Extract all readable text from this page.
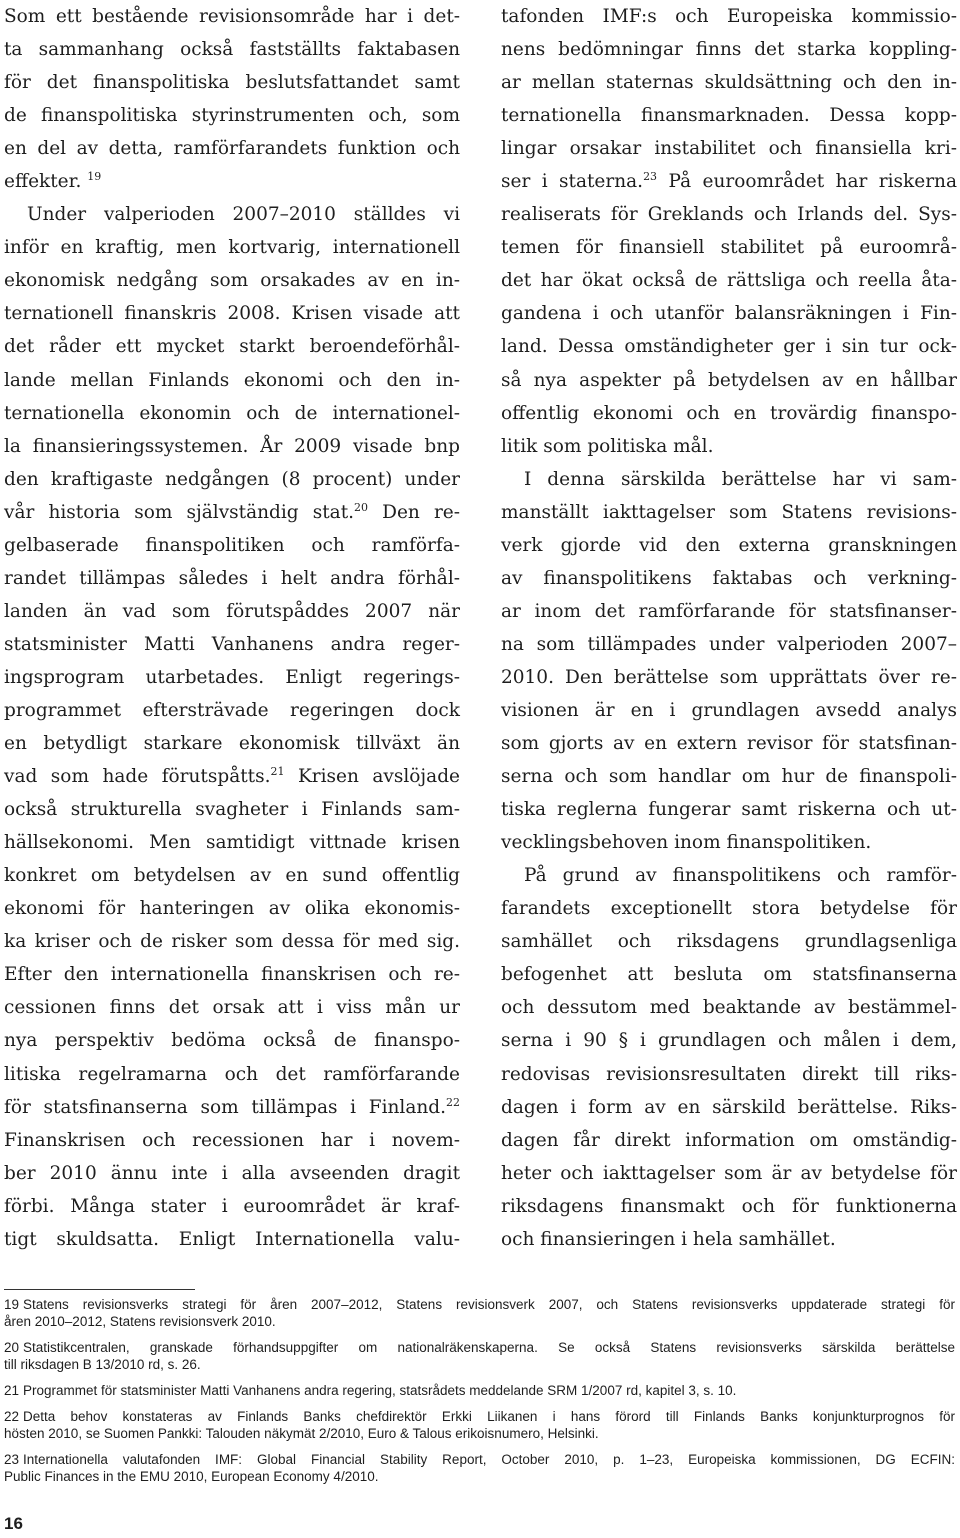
Som ett bestående revisionsområde har i det-
ta sammanhang också fastställts faktabasen
för det finanspolitiska beslutsfattandet samt
de finanspolitiska styrinstrumenten och, som
en del av detta, ramförfarandets funktion och
effekter. $^{19}$
Under valperioden 2007–2010 ställdes vi
inför en kraftig, men kortvarig, internationell
ekonomisk nedgång som orsakades av en in-
ternationell finanskris 2008. Krisen visade att
det råder ett mycket starkt beroendeförhål-
lande mellan Finlands ekonomi och den in-
ternationella ekonomin och de internationel-
la finansieringssystemen. År 2009 visade bnp
den kraftigaste nedgången (8 procent) under
vår historia som självständig stat.$^{20}$ Den re-
gelbaserade finanspolitiken och ramförfa-
randet tillämpas således i helt andra förhål-
landen än vad som förutspåddes 2007 när
statsminister Matti Vanhanens andra reger-
ingsprogram utarbetades. Enligt regerings-
programmet eftersträvade regeringen dock
en betydligt starkare ekonomisk tillväxt än
vad som hade förutspåtts.$^{21}$ Krisen avslöjade
också strukturella svagheter i Finlands sam-
hällsekonomi. Men samtidigt vittnade krisen
konkret om betydelsen av en sund offentlig
ekonomi för hanteringen av olika ekonomis-
ka kriser och de risker som dessa för med sig.
Efter den internationella finanskrisen och re-
cessionen finns det orsak att i viss mån ur
nya perspektiv bedöma också de finanspo-
litiska regelramarna och det ramförfarande
för statsfinanserna som tillämpas i Finland.$^{22}$
Finanskrisen och recessionen har i novem-
ber 2010 ännu inte i alla avseenden dragit
förbi. Många stater i euroområdet är kraf-
tigt skuldsatta. Enligt Internationella valu-
tafonden IMF:s och Europeiska kommissio-
nens bedömningar finns det starka koppling-
ar mellan staternas skuldsättning och den in-
ternationella finansmarknaden. Dessa kopp-
lingar orsakar instabilitet och finansiella kri-
ser i staterna.$^{23}$ På euroområdet har riskerna
realiserats för Greklands och Irlands del. Sys-
temen för finansiell stabilitet på euroområ-
det har ökat också de rättsliga och reella åta-
gandena i och utanför balansräkningen i Fin-
land. Dessa omständigheter ger i sin tur ock-
så nya aspekter på betydelsen av en hållbar
offentlig ekonomi och en trovärdig finanspo-
litik som politiska mål.
I denna särskilda berättelse har vi sam-
manställt iakttagelser som Statens revisions-
verk gjorde vid den externa granskningen
av finanspolitikens faktabas och verkning-
ar inom det ramförfarande för statsfinanser-
na som tillämpades under valperioden 2007–
2010. Den berättelse som upprättats över re-
visionen är en i grundlagen avsedd analys
som gjorts av en extern revisor för statsfinan-
serna och som handlar om hur de finanspoli-
tiska reglerna fungerar samt riskerna och ut-
vecklingsbehoven inom finanspolitiken.
På grund av finanspolitikens och ramför-
farandets exceptionellt stora betydelse för
samhället och riksdagens grundlagsenliga
befogenhet att besluta om statsfinanserna
och dessutom med beaktande av bestämmel-
serna i 90 § i grundlagen och målen i dem,
redovisas revisionsresultaten direkt till riks-
dagen i form av en särskild berättelse. Riks-
dagen får direkt information om omständig-
heter och iakttagelser som är av betydelse för
riksdagens finansmakt och för funktionerna
och finansieringen i hela samhället.
19 Statens revisionsverks strategi för åren 2007–2012, Statens revisionsverk 2007, och Statens revisionsverks uppdaterade strategi för
åren 2010–2012, Statens revisionsverk 2010.
20 Statistikcentralen, granskade förhandsuppgifter om nationalräkenskaperna. Se också Statens revisionsverks särskilda berättelse
till riksdagen B 13/2010 rd, s. 26.
21 Programmet för statsminister Matti Vanhanens andra regering, statsrådets meddelande SRM 1/2007 rd, kapitel 3, s. 10.
22 Detta behov konstateras av Finlands Banks chefdirektör Erkki Liikanen i hans förord till Finlands Banks konjunkturprognos för
hösten 2010, se Suomen Pankki: Talouden näkymät 2/2010, Euro & Talous erikoisnumero, Helsinki.
23 Internationella valutafonden IMF: Global Financial Stability Report, October 2010, p. 1–23, Europeiska kommissionen, DG ECFIN:
Public Finances in the EMU 2010, European Economy 4/2010.
16
